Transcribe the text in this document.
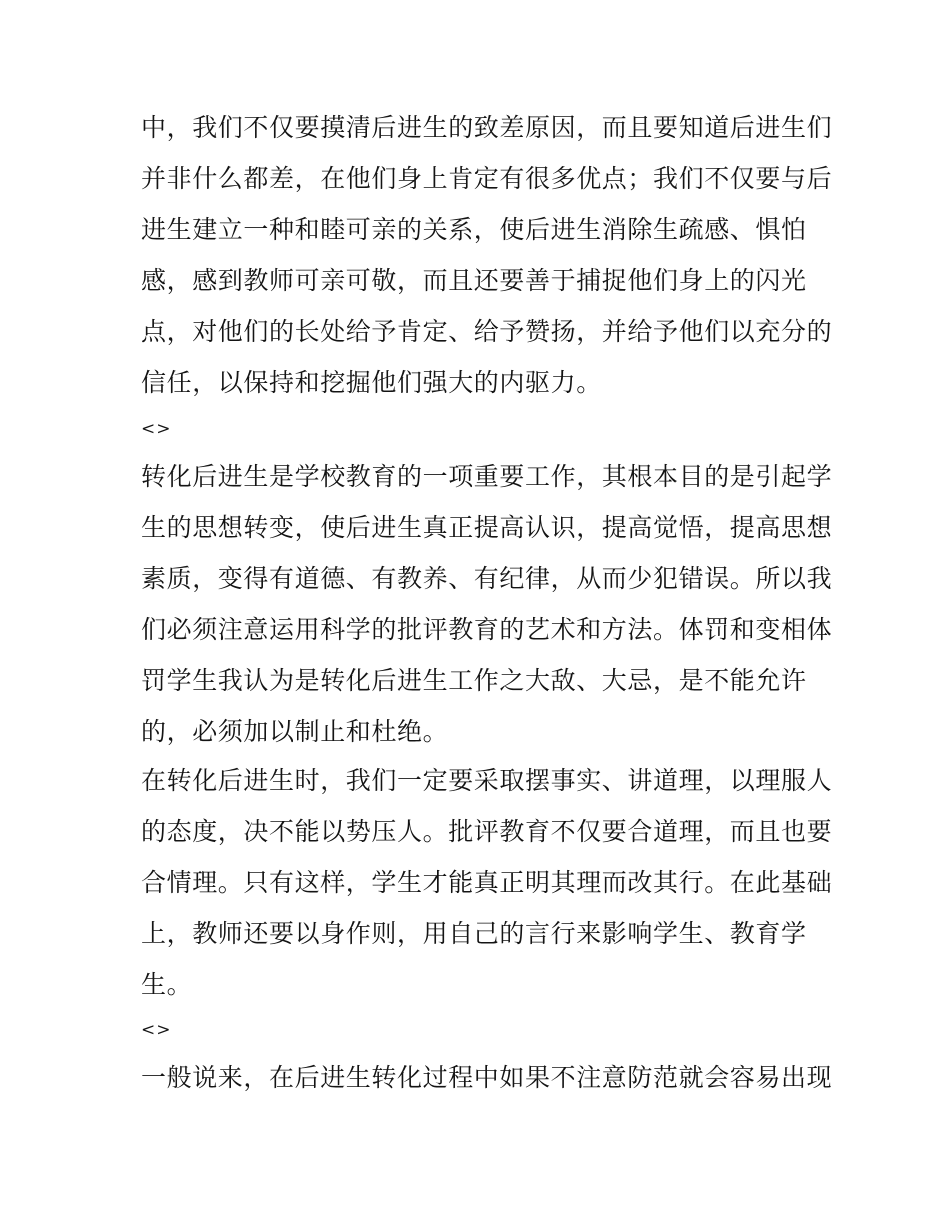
中，我们不仅要摸清后进生的致差原因，而且要知道后进生们
并非什么都差，在他们身上肯定有很多优点；我们不仅要与后
进生建立一种和睦可亲的关系，使后进生消除生疏感、惧怕
感，感到教师可亲可敬，而且还要善于捕捉他们身上的闪光
点，对他们的长处给予肯定、给予赞扬，并给予他们以充分的
信任，以保持和挖掘他们强大的内驱力。
<>
转化后进生是学校教育的一项重要工作，其根本目的是引起学
生的思想转变，使后进生真正提高认识，提高觉悟，提高思想
素质，变得有道德、有教养、有纪律，从而少犯错误。所以我
们必须注意运用科学的批评教育的艺术和方法。体罚和变相体
罚学生我认为是转化后进生工作之大敌、大忌，是不能允许
的，必须加以制止和杜绝。
在转化后进生时，我们一定要采取摆事实、讲道理，以理服人
的态度，决不能以势压人。批评教育不仅要合道理，而且也要
合情理。只有这样，学生才能真正明其理而改其行。在此基础
上，教师还要以身作则，用自己的言行来影响学生、教育学
生。
<>
一般说来，在后进生转化过程中如果不注意防范就会容易出现
